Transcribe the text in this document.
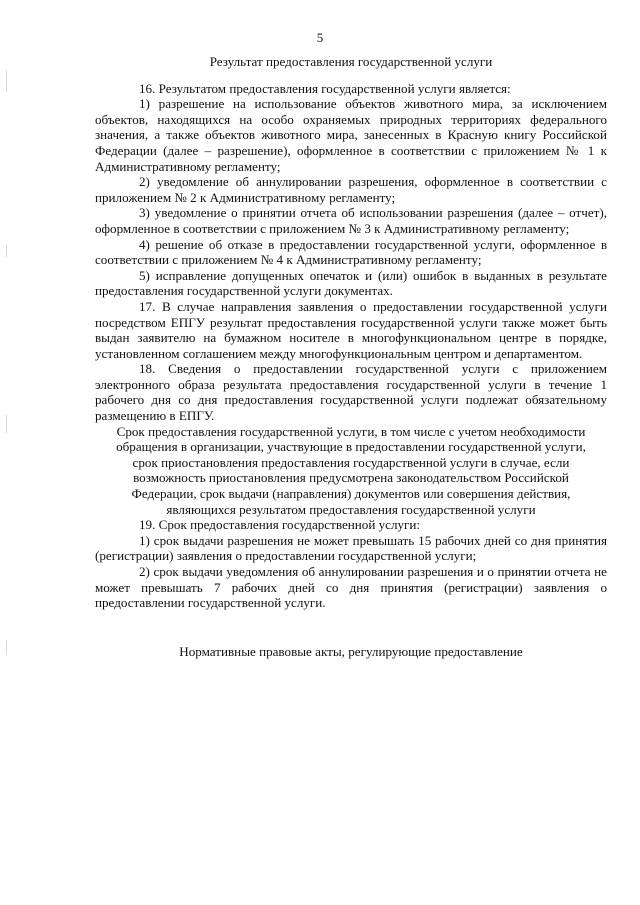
5
Результат предоставления государственной услуги

16. Результатом предоставления государственной услуги является:

1) разрешение на использование объектов животного мира, за исключением объектов, находящихся на особо охраняемых природных территориях федерального значения, а также объектов животного мира, занесенных в Красную книгу Российской Федерации (далее – разрешение), оформленное в соответствии с приложением № 1 к Административному регламенту;

2) уведомление об аннулировании разрешения, оформленное в соответствии с приложением № 2 к Административному регламенту;

3) уведомление о принятии отчета об использовании разрешения (далее – отчет), оформленное в соответствии с приложением № 3 к Административному регламенту;

4) решение об отказе в предоставлении государственной услуги, оформленное в соответствии с приложением № 4 к Административному регламенту;

5) исправление допущенных опечаток и (или) ошибок в выданных в результате предоставления государственной услуги документах.

17. В случае направления заявления о предоставлении государственной услуги посредством ЕПГУ результат предоставления государственной услуги также может быть выдан заявителю на бумажном носителе в многофункциональном центре в порядке, установленном соглашением между многофункциональным центром и департаментом.

18. Сведения о предоставлении государственной услуги с приложением электронного образа результата предоставления государственной услуги в течение 1 рабочего дня со дня предоставления государственной услуги подлежат обязательному размещению в ЕПГУ.

Срок предоставления государственной услуги, в том числе с учетом необходимости обращения в организации, участвующие в предоставлении государственной услуги, срок приостановления предоставления государственной услуги в случае, если возможность приостановления предусмотрена законодательством Российской Федерации, срок выдачи (направления) документов или совершения действия, являющихся результатом предоставления государственной услуги

19. Срок предоставления государственной услуги:

1) срок выдачи разрешения не может превышать 15 рабочих дней со дня принятия (регистрации) заявления о предоставлении государственной услуги;

2) срок выдачи уведомления об аннулировании разрешения и о принятии отчета не может превышать 7 рабочих дней со дня принятия (регистрации) заявления о предоставлении государственной услуги.

Нормативные правовые акты, регулирующие предоставление
